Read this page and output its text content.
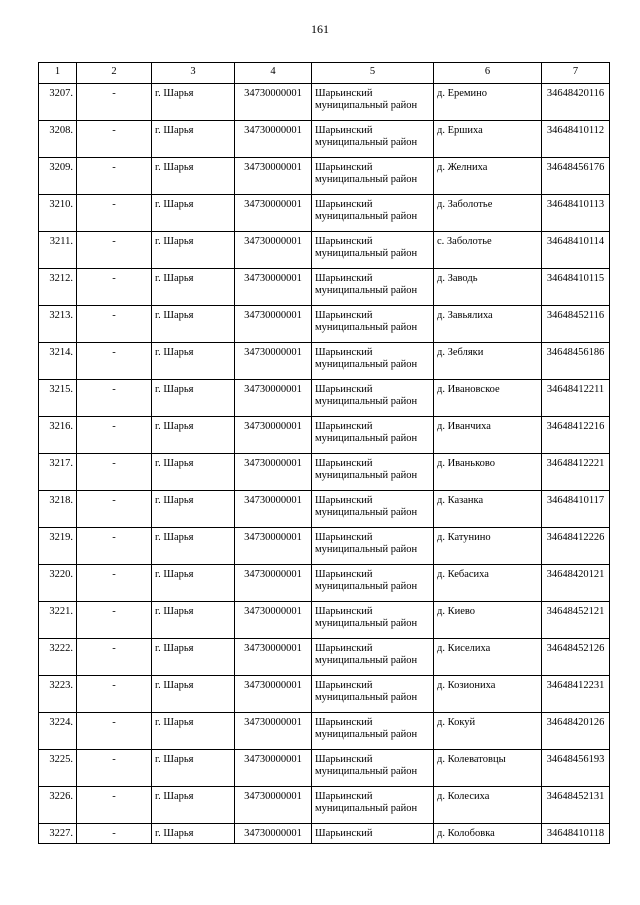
161
1	2	3	4	5	6	7
3207.	-	г. Шарья	34730000001	Шарьинский муниципальный район	д. Еремино	34648420116
3208.	-	г. Шарья	34730000001	Шарьинский муниципальный район	д. Ершиха	34648410112
3209.	-	г. Шарья	34730000001	Шарьинский муниципальный район	д. Желниха	34648456176
3210.	-	г. Шарья	34730000001	Шарьинский муниципальный район	д. Заболотье	34648410113
3211.	-	г. Шарья	34730000001	Шарьинский муниципальный район	с. Заболотье	34648410114
3212.	-	г. Шарья	34730000001	Шарьинский муниципальный район	д. Заводь	34648410115
3213.	-	г. Шарья	34730000001	Шарьинский муниципальный район	д. Завьялиха	34648452116
3214.	-	г. Шарья	34730000001	Шарьинский муниципальный район	д. Зебляки	34648456186
3215.	-	г. Шарья	34730000001	Шарьинский муниципальный район	д. Ивановское	34648412211
3216.	-	г. Шарья	34730000001	Шарьинский муниципальный район	д. Иванчиха	34648412216
3217.	-	г. Шарья	34730000001	Шарьинский муниципальный район	д. Иваньково	34648412221
3218.	-	г. Шарья	34730000001	Шарьинский муниципальный район	д. Казанка	34648410117
3219.	-	г. Шарья	34730000001	Шарьинский муниципальный район	д. Катунино	34648412226
3220.	-	г. Шарья	34730000001	Шарьинский муниципальный район	д. Кебасиха	34648420121
3221.	-	г. Шарья	34730000001	Шарьинский муниципальный район	д. Киево	34648452121
3222.	-	г. Шарья	34730000001	Шарьинский муниципальный район	д. Киселиха	34648452126
3223.	-	г. Шарья	34730000001	Шарьинский муниципальный район	д. Козиониха	34648412231
3224.	-	г. Шарья	34730000001	Шарьинский муниципальный район	д. Кокуй	34648420126
3225.	-	г. Шарья	34730000001	Шарьинский муниципальный район	д. Колеватовцы	34648456193
3226.	-	г. Шарья	34730000001	Шарьинский муниципальный район	д. Колесиха	34648452131
3227.	-	г. Шарья	34730000001	Шарьинский	д. Колобовка	34648410118
